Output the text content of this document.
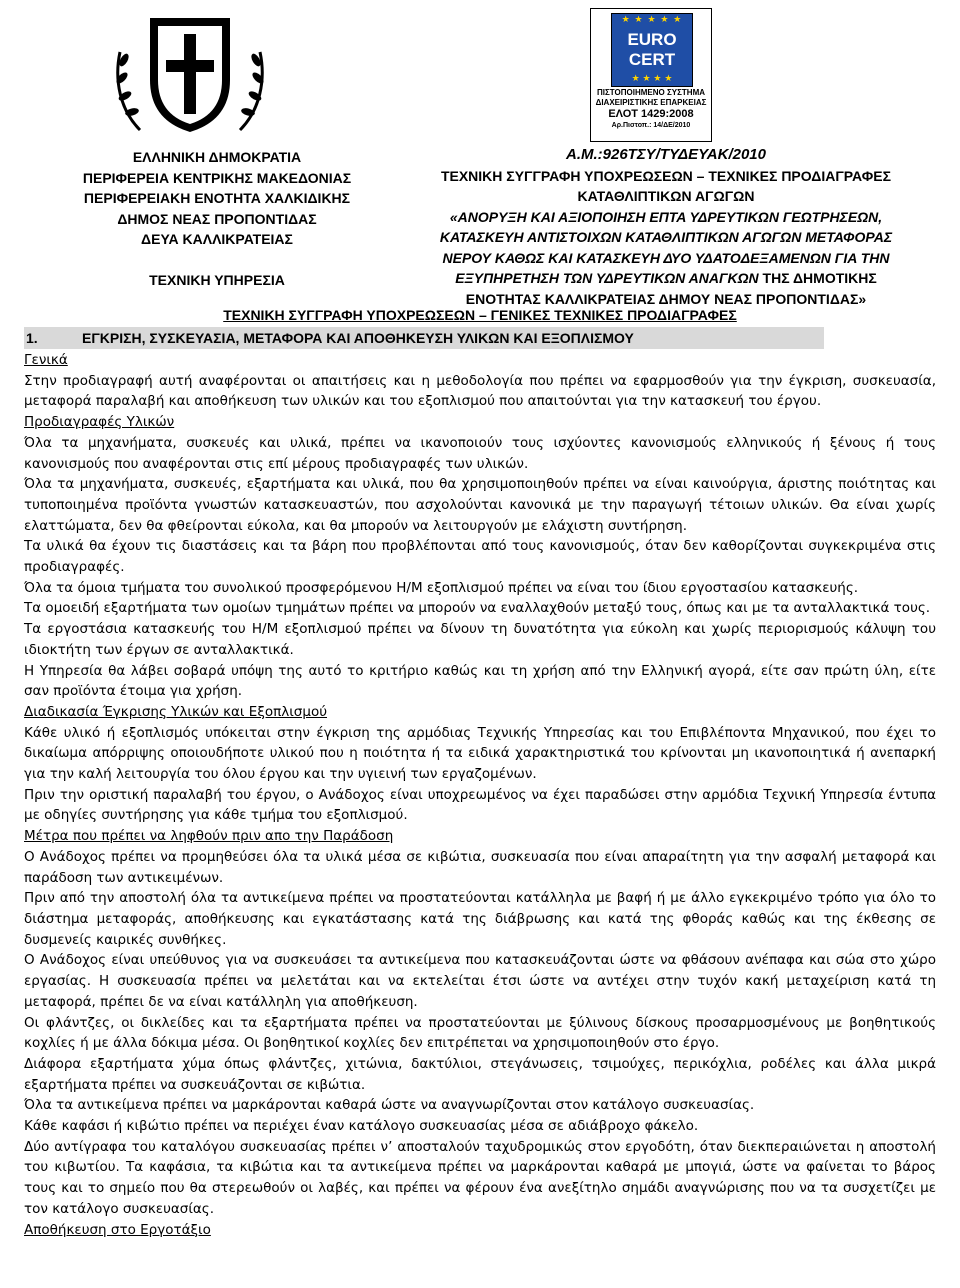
★ ★ ★ ★ ★
EURO
CERT
★ ★ ★ ★
ΠΙΣΤΟΠΟΙΗΜΕΝΟ ΣΥΣΤΗΜΑ
ΔΙΑΧΕΙΡΙΣΤΙΚΗΣ ΕΠΑΡΚΕΙΑΣ
ΕΛΟΤ 1429:2008
Αρ.Πιστοπ.: 14/ΔΕ/2010
ΕΛΛΗΝΙΚΗ ΔΗΜΟΚΡΑΤΙΑ
ΠΕΡΙΦΕΡΕΙΑ ΚΕΝΤΡΙΚΗΣ ΜΑΚΕΔΟΝΙΑΣ
ΠΕΡΙΦΕΡΕΙΑΚΗ ΕΝΟΤΗΤΑ ΧΑΛΚΙΔΙΚΗΣ
ΔΗΜΟΣ ΝΕΑΣ ΠΡΟΠΟΝΤΙΔΑΣ
ΔΕΥΑ ΚΑΛΛΙΚΡΑΤΕΙΑΣ
ΤΕΧΝΙΚΗ ΥΠΗΡΕΣΙΑ
Α.Μ.:926ΤΣΥ/ΤΥΔΕΥΑΚ/2010
ΤΕΧΝΙΚΗ ΣΥΓΓΡΑΦΗ ΥΠΟΧΡΕΩΣΕΩΝ – ΤΕΧΝΙΚΕΣ ΠΡΟΔΙΑΓΡΑΦΕΣ
ΚΑΤΑΘΛΙΠΤΙΚΩΝ ΑΓΩΓΩΝ
«ΑΝΟΡΥΞΗ ΚΑΙ ΑΞΙΟΠΟΙΗΣΗ ΕΠΤΑ ΥΔΡΕΥΤΙΚΩΝ ΓΕΩΤΡΗΣΕΩΝ,
ΚΑΤΑΣΚΕΥΗ ΑΝΤΙΣΤΟΙΧΩΝ ΚΑΤΑΘΛΙΠΤΙΚΩΝ ΑΓΩΓΩΝ ΜΕΤΑΦΟΡΑΣ
ΝΕΡΟΥ ΚΑΘΩΣ ΚΑΙ ΚΑΤΑΣΚΕΥΗ ΔΥΟ ΥΔΑΤΟΔΕΞΑΜΕΝΩΝ ΓΙΑ ΤΗΝ
ΕΞΥΠΗΡΕΤΗΣΗ ΤΩΝ ΥΔΡΕΥΤΙΚΩΝ ΑΝΑΓΚΩΝ ΤΗΣ ΔΗΜΟΤΙΚΗΣ
ΕΝΟΤΗΤΑΣ ΚΑΛΛΙΚΡΑΤΕΙΑΣ ΔΗΜΟΥ ΝΕΑΣ ΠΡΟΠΟΝΤΙΔΑΣ»
ΤΕΧΝΙΚΗ ΣΥΓΓΡΑΦΗ ΥΠΟΧΡΕΩΣΕΩΝ – ΓΕΝΙΚΕΣ ΤΕΧΝΙΚΕΣ ΠΡΟΔΙΑΓΡΑΦΕΣ
1.	ΕΓΚΡΙΣΗ, ΣΥΣΚΕΥΑΣΙΑ, ΜΕΤΑΦΟΡΑ ΚΑΙ ΑΠΟΘΗΚΕΥΣΗ ΥΛΙΚΩΝ ΚΑΙ ΕΞΟΠΛΙΣΜΟΥ

Γενικά

Στην προδιαγραφή αυτή αναφέρονται οι απαιτήσεις και η μεθοδολογία που πρέπει να εφαρμοσθούν για την έγκριση, συσκευασία, μεταφορά παραλαβή και αποθήκευση των υλικών και του εξοπλισμού που απαιτούνται για την κατασκευή του έργου.

Προδιαγραφές Υλικών

Όλα τα μηχανήματα, συσκευές και υλικά, πρέπει να ικανοποιούν τους ισχύοντες κανονισμούς ελληνικούς ή ξένους ή τους κανονισμούς που αναφέρονται στις επί μέρους προδιαγραφές των υλικών.

Όλα τα μηχανήματα, συσκευές, εξαρτήματα και υλικά, που θα χρησιμοποιηθούν πρέπει να είναι καινούργια, άριστης ποιότητας και τυποποιημένα προϊόντα γνωστών κατασκευαστών, που ασχολούνται κανονικά με την παραγωγή τέτοιων υλικών. Θα είναι χωρίς ελαττώματα, δεν θα φθείρονται εύκολα, και θα μπορούν να λειτουργούν με ελάχιστη συντήρηση.

Τα υλικά θα έχουν τις διαστάσεις και τα βάρη που προβλέπονται από τους κανονισμούς, όταν δεν καθορίζονται συγκεκριμένα στις προδιαγραφές.

Όλα τα όμοια τμήματα του συνολικού προσφερόμενου Η/Μ εξοπλισμού πρέπει να είναι του ίδιου εργοστασίου κατασκευής.

Τα ομοειδή εξαρτήματα των ομοίων τμημάτων πρέπει να μπορούν να εναλλαχθούν μεταξύ τους, όπως και με τα ανταλλακτικά τους.

Τα εργοστάσια κατασκευής του Η/Μ εξοπλισμού πρέπει να δίνουν τη δυνατότητα για εύκολη και χωρίς περιορισμούς κάλυψη του ιδιοκτήτη των έργων σε ανταλλακτικά.

Η Υπηρεσία θα λάβει σοβαρά υπόψη της αυτό το κριτήριο καθώς και τη χρήση από την Ελληνική αγορά, είτε σαν πρώτη ύλη, είτε σαν προϊόντα έτοιμα για χρήση.

Διαδικασία Έγκρισης Υλικών και Εξοπλισμού

Κάθε υλικό ή εξοπλισμός υπόκειται στην έγκριση της αρμόδιας Τεχνικής Υπηρεσίας και του Επιβλέποντα Μηχανικού, που έχει το δικαίωμα απόρριψης οποιουδήποτε υλικού που η ποιότητα ή τα ειδικά χαρακτηριστικά του κρίνονται μη ικανοποιητικά ή ανεπαρκή για την καλή λειτουργία του όλου έργου και την υγιεινή των εργαζομένων.

Πριν την οριστική παραλαβή του έργου, ο Ανάδοχος είναι υποχρεωμένος να έχει παραδώσει στην αρμόδια Τεχνική Υπηρεσία έντυπα με οδηγίες συντήρησης για κάθε τμήμα του εξοπλισμού.

Μέτρα που πρέπει να ληφθούν πριν απο την Παράδοση

Ο Ανάδοχος πρέπει να προμηθεύσει όλα τα υλικά μέσα σε κιβώτια, συσκευασία που είναι απαραίτητη για την ασφαλή μεταφορά και παράδοση των αντικειμένων.

Πριν από την αποστολή όλα τα αντικείμενα πρέπει να προστατεύονται κατάλληλα με βαφή ή με άλλο εγκεκριμένο τρόπο για όλο το διάστημα μεταφοράς, αποθήκευσης και εγκατάστασης κατά της διάβρωσης και κατά της φθοράς καθώς και της έκθεσης σε δυσμενείς καιρικές συνθήκες.

Ο Ανάδοχος είναι υπεύθυνος για να συσκευάσει τα αντικείμενα που κατασκευάζονται ώστε να φθάσουν ανέπαφα και σώα στο χώρο εργασίας. Η συσκευασία πρέπει να μελετάται και να εκτελείται έτσι ώστε να αντέχει στην τυχόν κακή μεταχείριση κατά τη μεταφορά, πρέπει δε να είναι κατάλληλη για αποθήκευση.

Οι φλάντζες, οι δικλείδες και τα εξαρτήματα πρέπει να προστατεύονται με ξύλινους δίσκους προσαρμοσμένους με βοηθητικούς κοχλίες ή με άλλα δόκιμα μέσα. Οι βοηθητικοί κοχλίες δεν επιτρέπεται να χρησιμοποιηθούν στο έργο.

Διάφορα εξαρτήματα χύμα όπως φλάντζες, χιτώνια, δακτύλιοι, στεγάνωσεις, τσιμούχες, περικόχλια, ροδέλες και άλλα μικρά εξαρτήματα πρέπει να συσκευάζονται σε κιβώτια.

Όλα τα αντικείμενα πρέπει να μαρκάρονται καθαρά ώστε να αναγνωρίζονται στον κατάλογο συσκευασίας.

Κάθε καφάσι ή κιβώτιο πρέπει να περιέχει έναν κατάλογο συσκευασίας μέσα σε αδιάβροχο φάκελο.

Δύο αντίγραφα του καταλόγου συσκευασίας πρέπει ν’ αποσταλούν ταχυδρομικώς στον εργοδότη, όταν διεκπεραιώνεται η αποστολή του κιβωτίου. Τα καφάσια, τα κιβώτια και τα αντικείμενα πρέπει να μαρκάρονται καθαρά με μπογιά, ώστε να φαίνεται το βάρος τους και το σημείο που θα στερεωθούν οι λαβές, και πρέπει να φέρουν ένα ανεξίτηλο σημάδι αναγνώρισης που να τα συσχετίζει με τον κατάλογο συσκευασίας.

Αποθήκευση στο Εργοτάξιο
